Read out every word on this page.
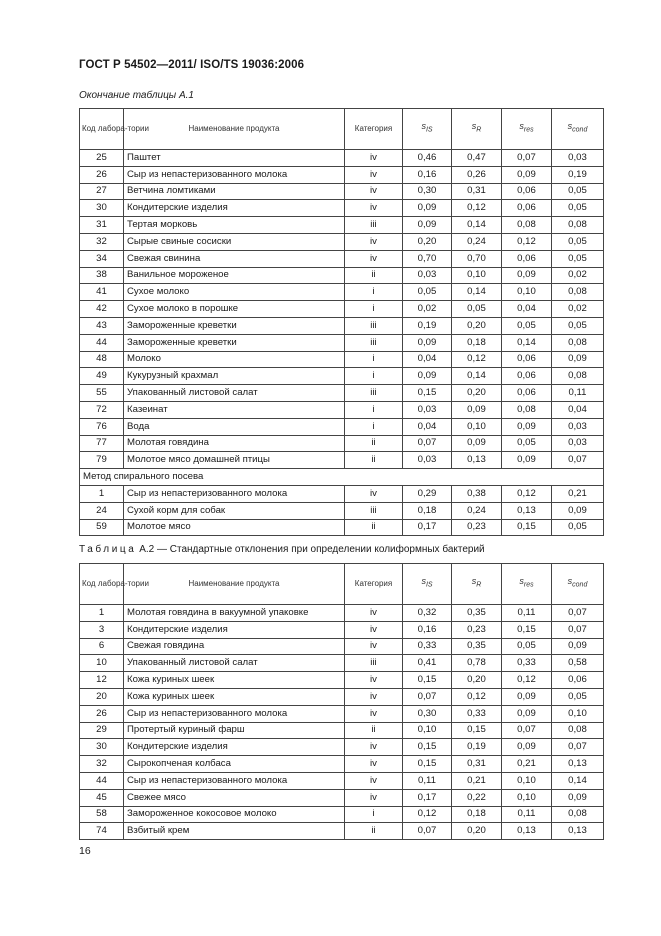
ГОСТ Р 54502—2011/ ISO/TS 19036:2006
Окончание таблицы А.1
Код лабора-тории	Наименование продукта	Категория	$s_{IS}$	$s_R$	$s_{res}$	$s_{cond}$
25	Паштет	iv	0,46	0,47	0,07	0,03
26	Сыр из непастеризованного молока	iv	0,16	0,26	0,09	0,19
27	Ветчина ломтиками	iv	0,30	0,31	0,06	0,05
30	Кондитерские изделия	iv	0,09	0,12	0,06	0,05
31	Тертая морковь	iii	0,09	0,14	0,08	0,08
32	Сырые свиные сосиски	iv	0,20	0,24	0,12	0,05
34	Свежая свинина	iv	0,70	0,70	0,06	0,05
38	Ванильное мороженое	ii	0,03	0,10	0,09	0,02
41	Сухое молоко	i	0,05	0,14	0,10	0,08
42	Сухое молоко в порошке	i	0,02	0,05	0,04	0,02
43	Замороженные креветки	iii	0,19	0,20	0,05	0,05
44	Замороженные креветки	iii	0,09	0,18	0,14	0,08
48	Молоко	i	0,04	0,12	0,06	0,09
49	Кукурузный крахмал	i	0,09	0,14	0,06	0,08
55	Упакованный листовой салат	iii	0,15	0,20	0,06	0,11
72	Казеинат	i	0,03	0,09	0,08	0,04
76	Вода	i	0,04	0,10	0,09	0,03
77	Молотая говядина	ii	0,07	0,09	0,05	0,03
79	Молотое мясо домашней птицы	ii	0,03	0,13	0,09	0,07
Метод спирального посева						
1	Сыр из непастеризованного молока	iv	0,29	0,38	0,12	0,21
24	Сухой корм для собак	iii	0,18	0,24	0,13	0,09
59	Молотое мясо	ii	0,17	0,23	0,15	0,05
Таблица А.2 — Стандартные отклонения при определении колиформных бактерий
Код лабора-тории	Наименование продукта	Категория	$s_{IS}$	$s_R$	$s_{res}$	$s_{cond}$
1	Молотая говядина в вакуумной упаковке	iv	0,32	0,35	0,11	0,07
3	Кондитерские изделия	iv	0,16	0,23	0,15	0,07
6	Свежая говядина	iv	0,33	0,35	0,05	0,09
10	Упакованный листовой салат	iii	0,41	0,78	0,33	0,58
12	Кожа куриных шеек	iv	0,15	0,20	0,12	0,06
20	Кожа куриных шеек	iv	0,07	0,12	0,09	0,05
26	Сыр из непастеризованного молока	iv	0,30	0,33	0,09	0,10
29	Протертый куриный фарш	ii	0,10	0,15	0,07	0,08
30	Кондитерские изделия	iv	0,15	0,19	0,09	0,07
32	Сырокопченая колбаса	iv	0,15	0,31	0,21	0,13
44	Сыр из непастеризованного молока	iv	0,11	0,21	0,10	0,14
45	Свежее мясо	iv	0,17	0,22	0,10	0,09
58	Замороженное кокосовое молоко	i	0,12	0,18	0,11	0,08
74	Взбитый крем	ii	0,07	0,20	0,13	0,13
16
